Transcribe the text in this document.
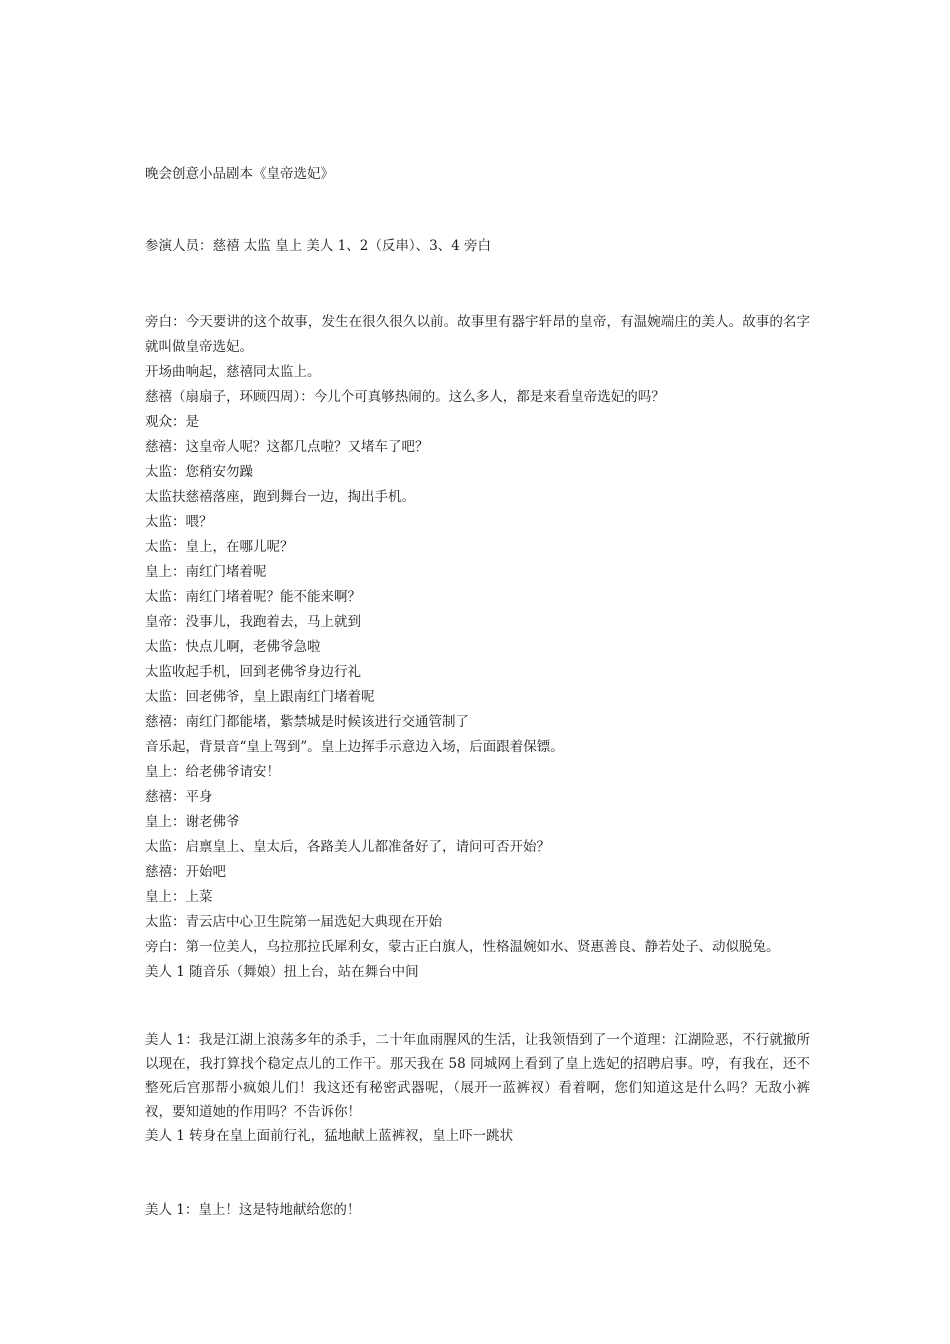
晚会创意小品剧本《皇帝选妃》
参演人员：慈禧 太监 皇上 美人 1、2（反串）、3、4 旁白

旁白：今天要讲的这个故事，发生在很久很久以前。故事里有器宇轩昂的皇帝，有温婉端庄的美人。故事的名字就叫做皇帝选妃。

开场曲响起，慈禧同太监上。

慈禧（扇扇子，环顾四周）：今儿个可真够热闹的。这么多人，都是来看皇帝选妃的吗？

观众：是

慈禧：这皇帝人呢？这都几点啦？又堵车了吧？

太监：您稍安勿躁

太监扶慈禧落座，跑到舞台一边，掏出手机。

太监：喂？

太监：皇上，在哪儿呢？

皇上：南红门堵着呢

太监：南红门堵着呢？能不能来啊？

皇帝：没事儿，我跑着去，马上就到

太监：快点儿啊，老佛爷急啦

太监收起手机，回到老佛爷身边行礼

太监：回老佛爷，皇上跟南红门堵着呢

慈禧：南红门都能堵，紫禁城是时候该进行交通管制了

音乐起，背景音“皇上驾到”。皇上边挥手示意边入场，后面跟着保镖。

皇上：给老佛爷请安！

慈禧：平身

皇上：谢老佛爷

太监：启禀皇上、皇太后，各路美人儿都准备好了，请问可否开始？

慈禧：开始吧

皇上：上菜

太监：青云店中心卫生院第一届选妃大典现在开始

旁白：第一位美人，乌拉那拉氏犀利女，蒙古正白旗人，性格温婉如水、贤惠善良、静若处子、动似脱兔。

美人 1 随音乐（舞娘）扭上台，站在舞台中间

美人 1：我是江湖上浪荡多年的杀手，二十年血雨腥风的生活，让我领悟到了一个道理：江湖险恶，不行就撤所以现在，我打算找个稳定点儿的工作干。那天我在 58 同城网上看到了皇上选妃的招聘启事。哼，有我在，还不整死后宫那帮小疯娘儿们！我这还有秘密武器呢，（展开一蓝裤衩）看着啊，您们知道这是什么吗？无敌小裤衩，要知道她的作用吗？不告诉你！

美人 1 转身在皇上面前行礼，猛地献上蓝裤衩，皇上吓一跳状

美人 1：皇上！这是特地献给您的！
